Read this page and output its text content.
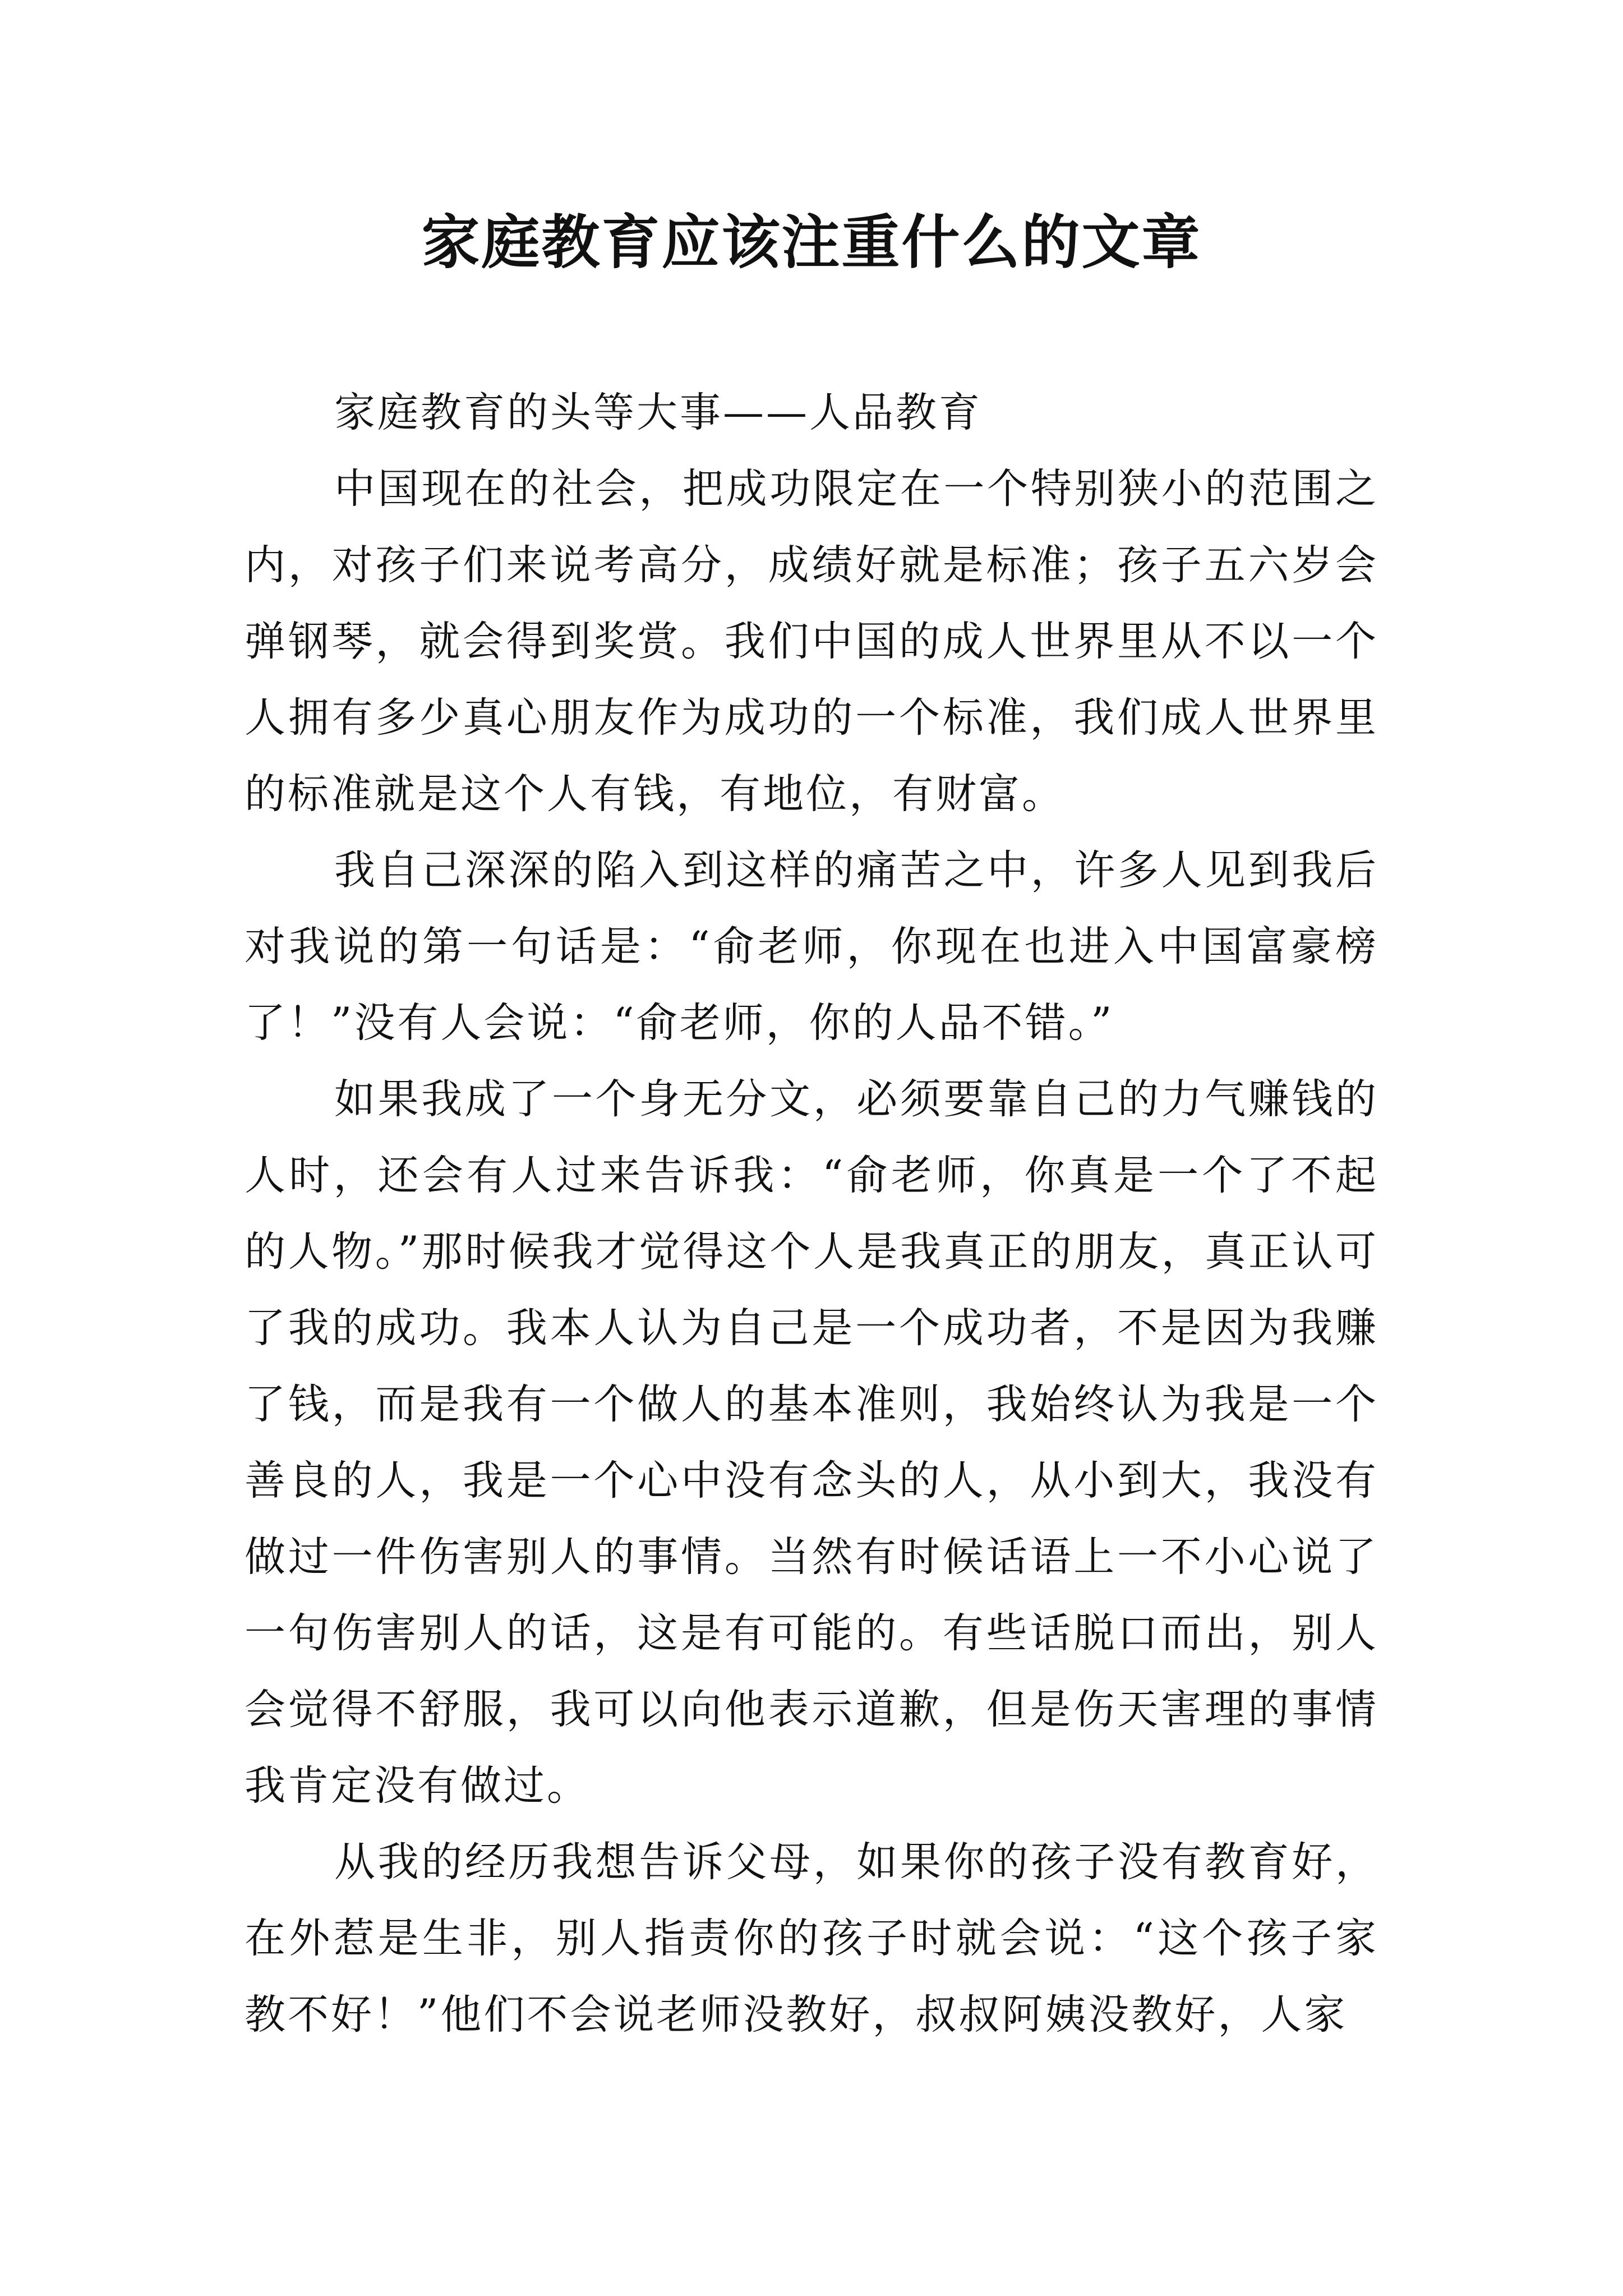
家庭教育应该注重什么的文章

家庭教育的头等大事——人品教育

中国现在的社会，把成功限定在一个特别狭小的范围之内，对孩子们来说考高分，成绩好就是标准；孩子五六岁会弹钢琴，就会得到奖赏。我们中国的成人世界里从不以一个人拥有多少真心朋友作为成功的一个标准，我们成人世界里的标准就是这个人有钱，有地位，有财富。

我自己深深的陷入到这样的痛苦之中，许多人见到我后对我说的第一句话是：“俞老师，你现在也进入中国富豪榜了！”没有人会说：“俞老师，你的人品不错。”

如果我成了一个身无分文，必须要靠自己的力气赚钱的人时，还会有人过来告诉我：“俞老师，你真是一个了不起的人物。”那时候我才觉得这个人是我真正的朋友，真正认可了我的成功。我本人认为自己是一个成功者，不是因为我赚了钱，而是我有一个做人的基本准则，我始终认为我是一个善良的人，我是一个心中没有念头的人，从小到大，我没有做过一件伤害别人的事情。当然有时候话语上一不小心说了一句伤害别人的话，这是有可能的。有些话脱口而出，别人会觉得不舒服，我可以向他表示道歉，但是伤天害理的事情我肯定没有做过。

从我的经历我想告诉父母，如果你的孩子没有教育好，在外惹是生非，别人指责你的孩子时就会说：“这个孩子家教不好！”他们不会说老师没教好，叔叔阿姨没教好，人家
